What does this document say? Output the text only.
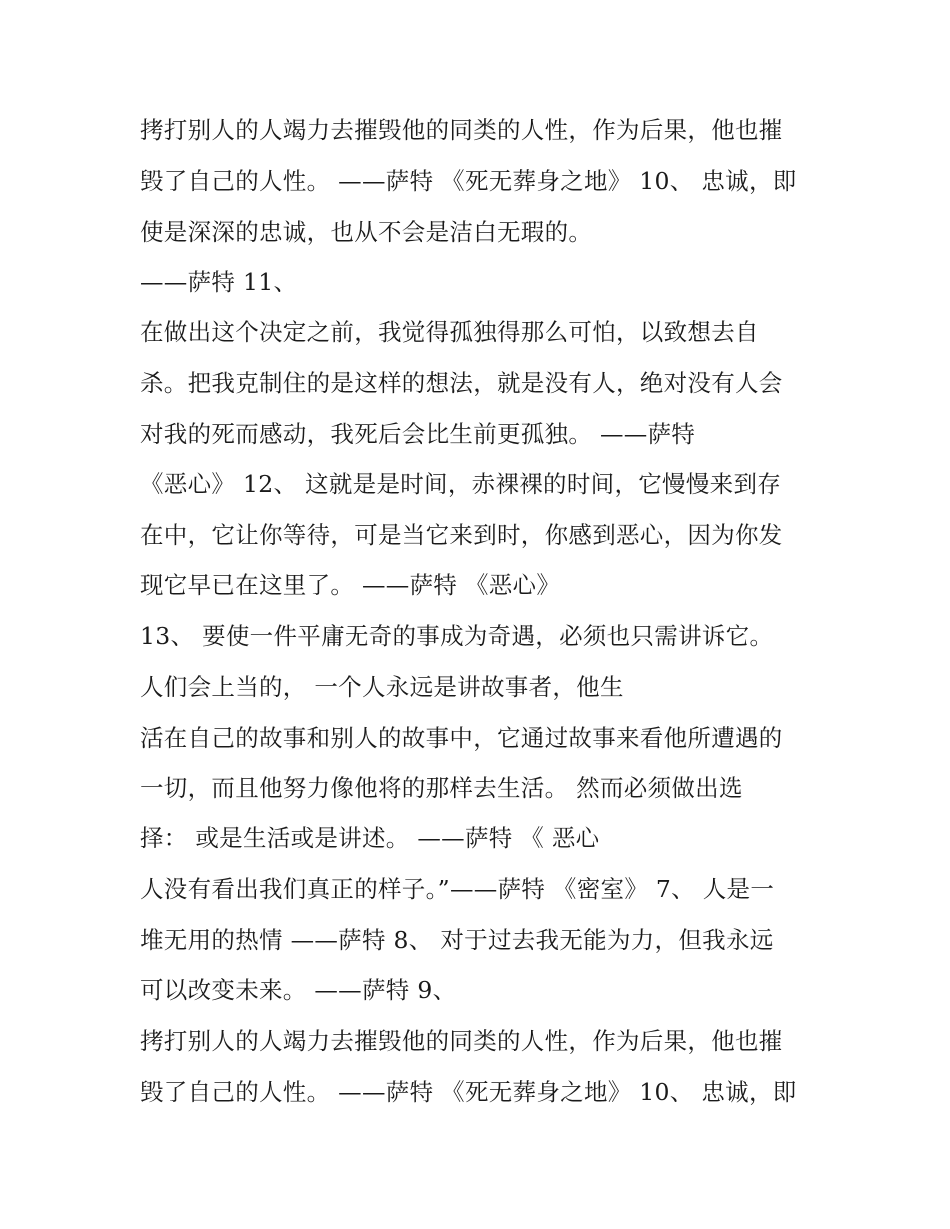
拷打别人的人竭力去摧毁他的同类的人性，作为后果，他也摧
毁了自己的人性。 ——萨特 《死无葬身之地》 10、 忠诚，即
使是深深的忠诚，也从不会是洁白无瑕的。
——萨特 11、
在做出这个决定之前，我觉得孤独得那么可怕，以致想去自
杀。把我克制住的是这样的想法，就是没有人，绝对没有人会
对我的死而感动，我死后会比生前更孤独。 ——萨特
《恶心》 12、 这就是是时间，赤裸裸的时间，它慢慢来到存
在中，它让你等待，可是当它来到时，你感到恶心，因为你发
现它早已在这里了。 ——萨特 《恶心》
13、 要使一件平庸无奇的事成为奇遇，必须也只需讲诉它。
人们会上当的， 一个人永远是讲故事者，他生
活在自己的故事和别人的故事中，它通过故事来看他所遭遇的
一切，而且他努力像他将的那样去生活。 然而必须做出选
择： 或是生活或是讲述。 ——萨特 《 恶心
人没有看出我们真正的样子。”——萨特 《密室》 7、 人是一
堆无用的热情 ——萨特 8、 对于过去我无能为力，但我永远
可以改变未来。 ——萨特 9、
拷打别人的人竭力去摧毁他的同类的人性，作为后果，他也摧
毁了自己的人性。 ——萨特 《死无葬身之地》 10、 忠诚，即
